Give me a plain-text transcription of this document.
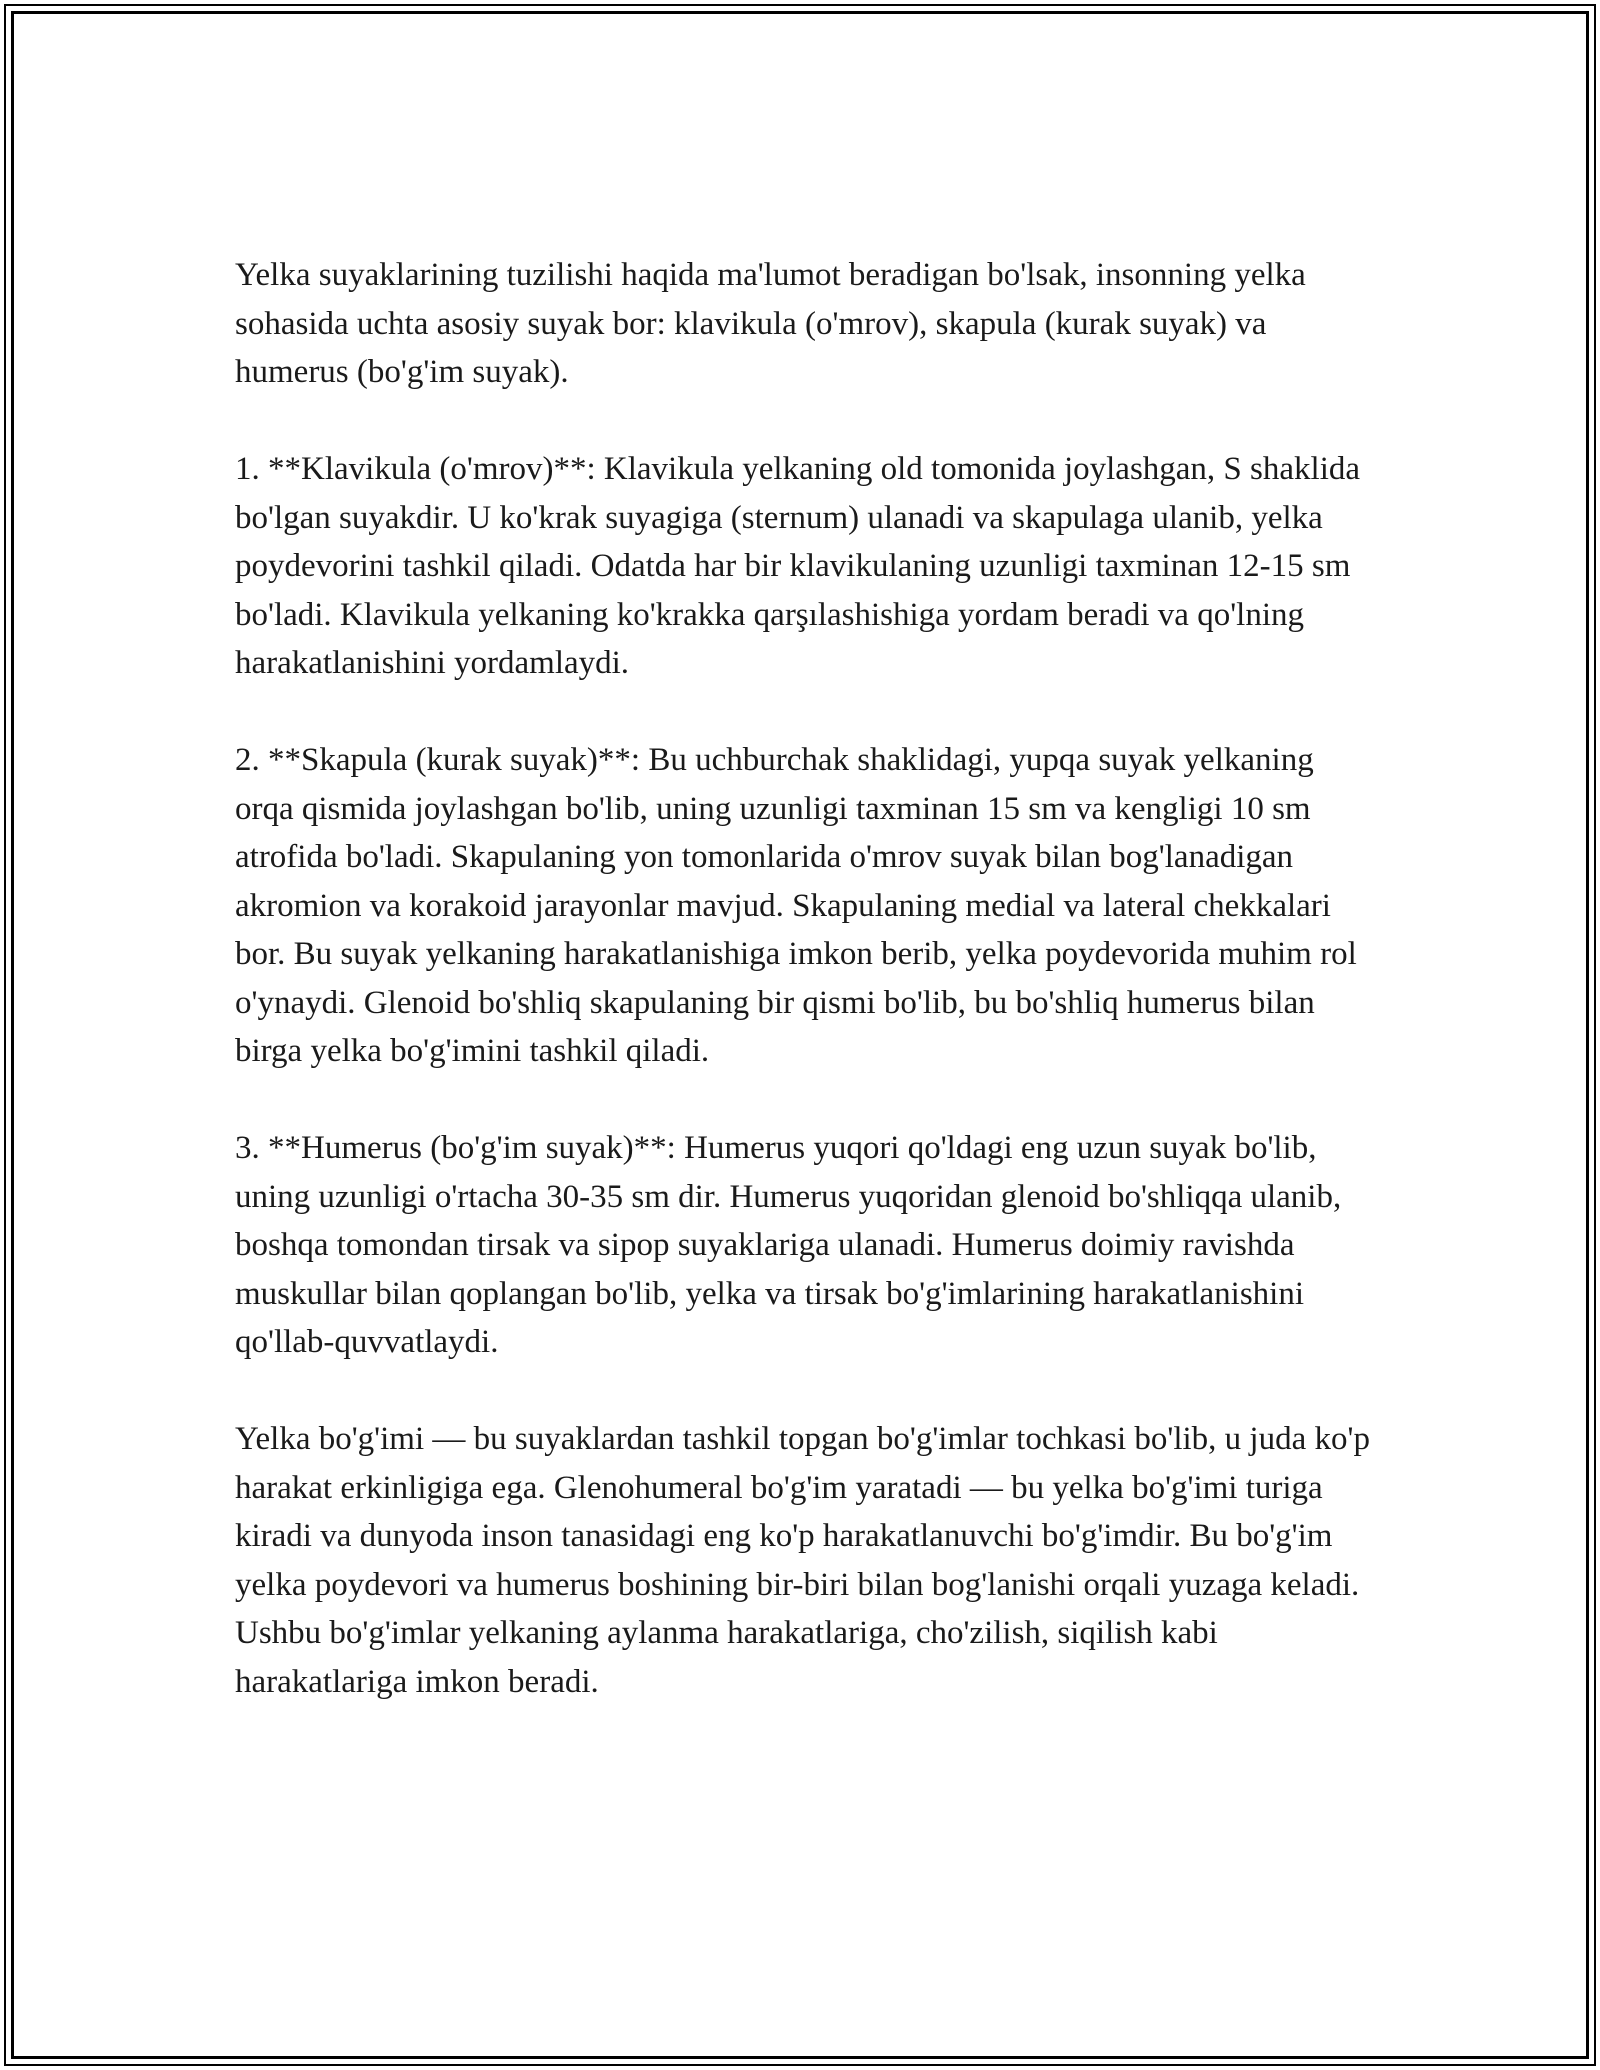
Yelka suyaklarining tuzilishi haqida ma'lumot beradigan bo'lsak, insonning yelka sohasida uchta asosiy suyak bor: klavikula (o'mrov), skapula (kurak suyak) va humerus (bo'g'im suyak).

1. **Klavikula (o'mrov)**: Klavikula yelkaning old tomonida joylashgan, S shaklida bo'lgan suyakdir. U ko'krak suyagiga (sternum) ulanadi va skapulaga ulanib, yelka poydevorini tashkil qiladi. Odatda har bir klavikulaning uzunligi taxminan 12-15 sm bo'ladi. Klavikula yelkaning ko'krakka qarşılashishiga yordam beradi va qo'lning harakatlanishini yordamlaydi.

2. **Skapula (kurak suyak)**: Bu uchburchak shaklidagi, yupqa suyak yelkaning orqa qismida joylashgan bo'lib, uning uzunligi taxminan 15 sm va kengligi 10 sm atrofida bo'ladi. Skapulaning yon tomonlarida o'mrov suyak bilan bog'lanadigan akromion va korakoid jarayonlar mavjud. Skapulaning medial va lateral chekkalari bor. Bu suyak yelkaning harakatlanishiga imkon berib, yelka poydevorida muhim rol o'ynaydi. Glenoid bo'shliq skapulaning bir qismi bo'lib, bu bo'shliq humerus bilan birga yelka bo'g'imini tashkil qiladi.

3. **Humerus (bo'g'im suyak)**: Humerus yuqori qo'ldagi eng uzun suyak bo'lib, uning uzunligi o'rtacha 30-35 sm dir. Humerus yuqoridan glenoid bo'shliqqa ulanib, boshqa tomondan tirsak va sipop suyaklariga ulanadi. Humerus doimiy ravishda muskullar bilan qoplangan bo'lib, yelka va tirsak bo'g'imlarining harakatlanishini qo'llab-quvvatlaydi.

Yelka bo'g'imi — bu suyaklardan tashkil topgan bo'g'imlar tochkasi bo'lib, u juda ko'p harakat erkinligiga ega. Glenohumeral bo'g'im yaratadi — bu yelka bo'g'imi turiga kiradi va dunyoda inson tanasidagi eng ko'p harakatlanuvchi bo'g'imdir. Bu bo'g'im yelka poydevori va humerus boshining bir-biri bilan bog'lanishi orqali yuzaga keladi. Ushbu bo'g'imlar yelkaning aylanma harakatlariga, cho'zilish, siqilish kabi harakatlariga imkon beradi.
